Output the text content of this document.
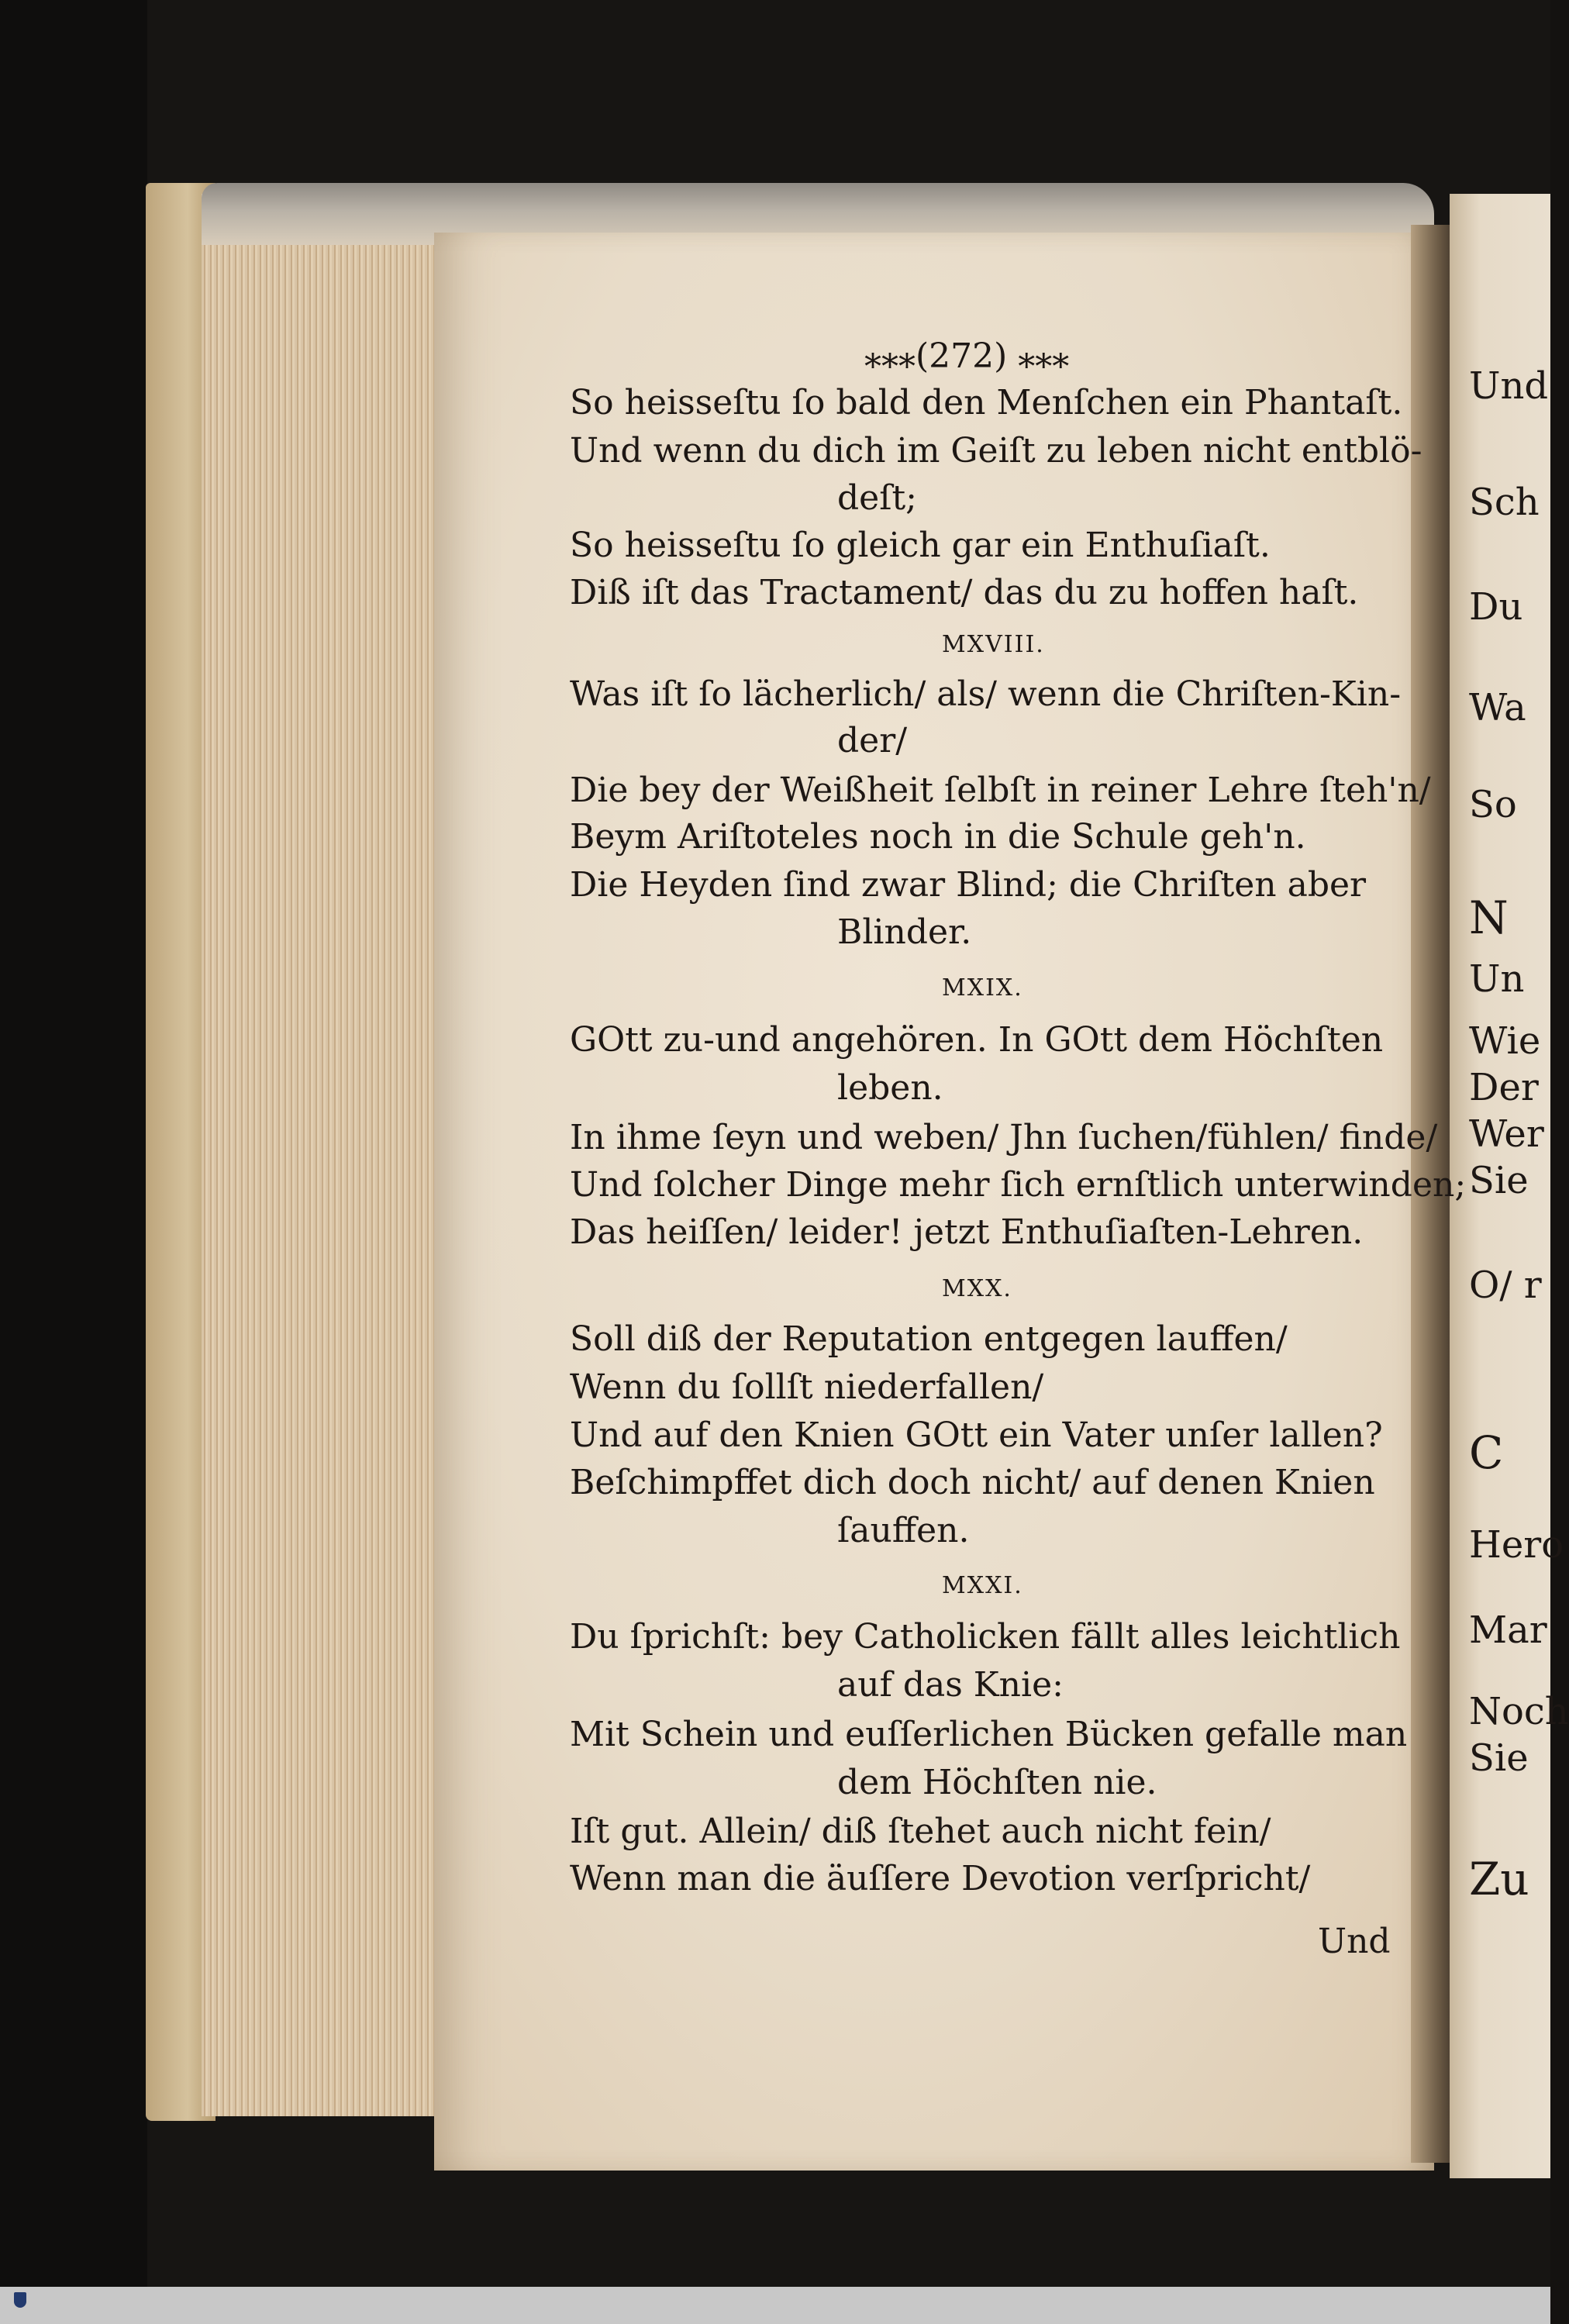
⁎⁎⁎(272) ⁎⁎⁎
So heisseſtu ſo bald den Menſchen ein Phantaſt.
Und wenn du dich im Geiſt zu leben nicht entblö-
deſt;
So heisseſtu ſo gleich gar ein Enthuſiaſt.
Diß iſt das Tractament/ das du zu hoffen haſt.
MXVIII.
Was iſt ſo lächerlich/ als/ wenn die Chriſten-Kin-
der/
Die bey der Weißheit ſelbſt in reiner Lehre ſteh'n/
Beym Ariſtoteles noch in die Schule geh'n.
Die Heyden ſind zwar Blind; die Chriſten aber
Blinder.
MXIX.
GOtt zu-und angehören. In GOtt dem Höchſten
leben.
In ihme ſeyn und weben/ Jhn ſuchen/fühlen/ finde/
Und ſolcher Dinge mehr ſich ernſtlich unterwinden;
Das heiſſen/ leider! jetzt Enthuſiaſten-Lehren.
MXX.
Soll diß der Reputation entgegen lauffen/
Wenn du ſollſt niederfallen/
Und auf den Knien GOtt ein Vater unſer lallen?
Beſchimpffet dich doch nicht/ auf denen Knien
ſauffen.
MXXI.
Du ſprichſt: bey Catholicken fällt alles leichtlich
auf das Knie:
Mit Schein und euſſerlichen Bücken gefalle man
dem Höchſten nie.
Iſt gut. Allein/ diß ſtehet auch nicht fein/
Wenn man die äuſſere Devotion verſpricht/
Und
Und
Sch
Du
Wa
So
N
Un
Wie
Der
Wer
Sie
O/ r
C
Hero
Mar
Noch
Sie
Zu
